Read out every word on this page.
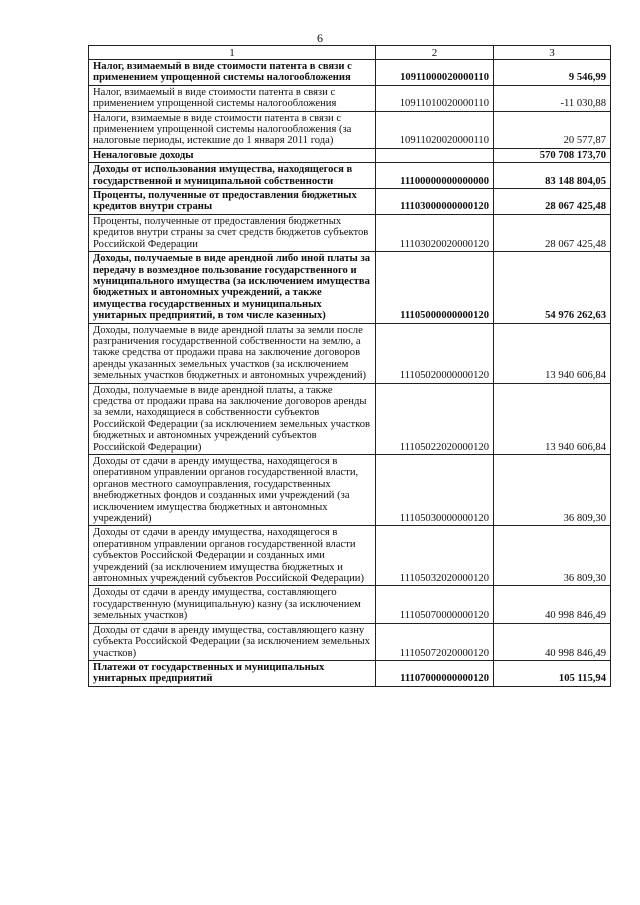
6
1	2	3
Налог, взимаемый в виде стоимости патента в связи с применением упрощенной системы налогообложения	10911000020000110	9 546,99
Налог, взимаемый в виде стоимости патента в связи с применением упрощенной системы налогообложения	10911010020000110	-11 030,88
Налоги, взимаемые в виде стоимости патента в связи с применением упрощенной системы налогообложения (за налоговые периоды, истекшие до 1 января 2011 года)	10911020020000110	20 577,87
Неналоговые доходы		570 708 173,70
Доходы от использования имущества, находящегося в государственной и муниципальной собственности	11100000000000000	83 148 804,05
Проценты, полученные от предоставления бюджетных кредитов внутри страны	11103000000000120	28 067 425,48
Проценты, полученные от предоставления бюджетных кредитов внутри страны за счет средств бюджетов субъектов Российской Федерации	11103020020000120	28 067 425,48
Доходы, получаемые в виде арендной либо иной платы за передачу в возмездное пользование государственного и муниципального имущества (за исключением имущества бюджетных и автономных учреждений, а также имущества государственных и муниципальных унитарных предприятий, в том числе казенных)	11105000000000120	54 976 262,63
Доходы, получаемые в виде арендной платы за земли после разграничения государственной собственности на землю, а также средства от продажи права на заключение договоров аренды указанных земельных участков (за исключением земельных участков бюджетных и автономных учреждений)	11105020000000120	13 940 606,84
Доходы, получаемые в виде арендной платы, а также средства от продажи права на заключение договоров аренды за земли, находящиеся в собственности субъектов Российской Федерации (за исключением земельных участков бюджетных и автономных учреждений субъектов Российской Федерации)	11105022020000120	13 940 606,84
Доходы от сдачи в аренду имущества, находящегося в оперативном управлении органов государственной власти, органов местного самоуправления, государственных внебюджетных фондов и созданных ими учреждений (за исключением имущества бюджетных и автономных учреждений)	11105030000000120	36 809,30
Доходы от сдачи в аренду имущества, находящегося в оперативном управлении органов государственной власти субъектов Российской Федерации и созданных ими учреждений (за исключением имущества бюджетных и автономных учреждений субъектов Российской Федерации)	11105032020000120	36 809,30
Доходы от сдачи в аренду имущества, составляющего государственную (муниципальную) казну (за исключением земельных участков)	11105070000000120	40 998 846,49
Доходы от сдачи в аренду имущества, составляющего казну субъекта Российской Федерации (за исключением земельных участков)	11105072020000120	40 998 846,49
Платежи от государственных и муниципальных унитарных предприятий	11107000000000120	105 115,94
